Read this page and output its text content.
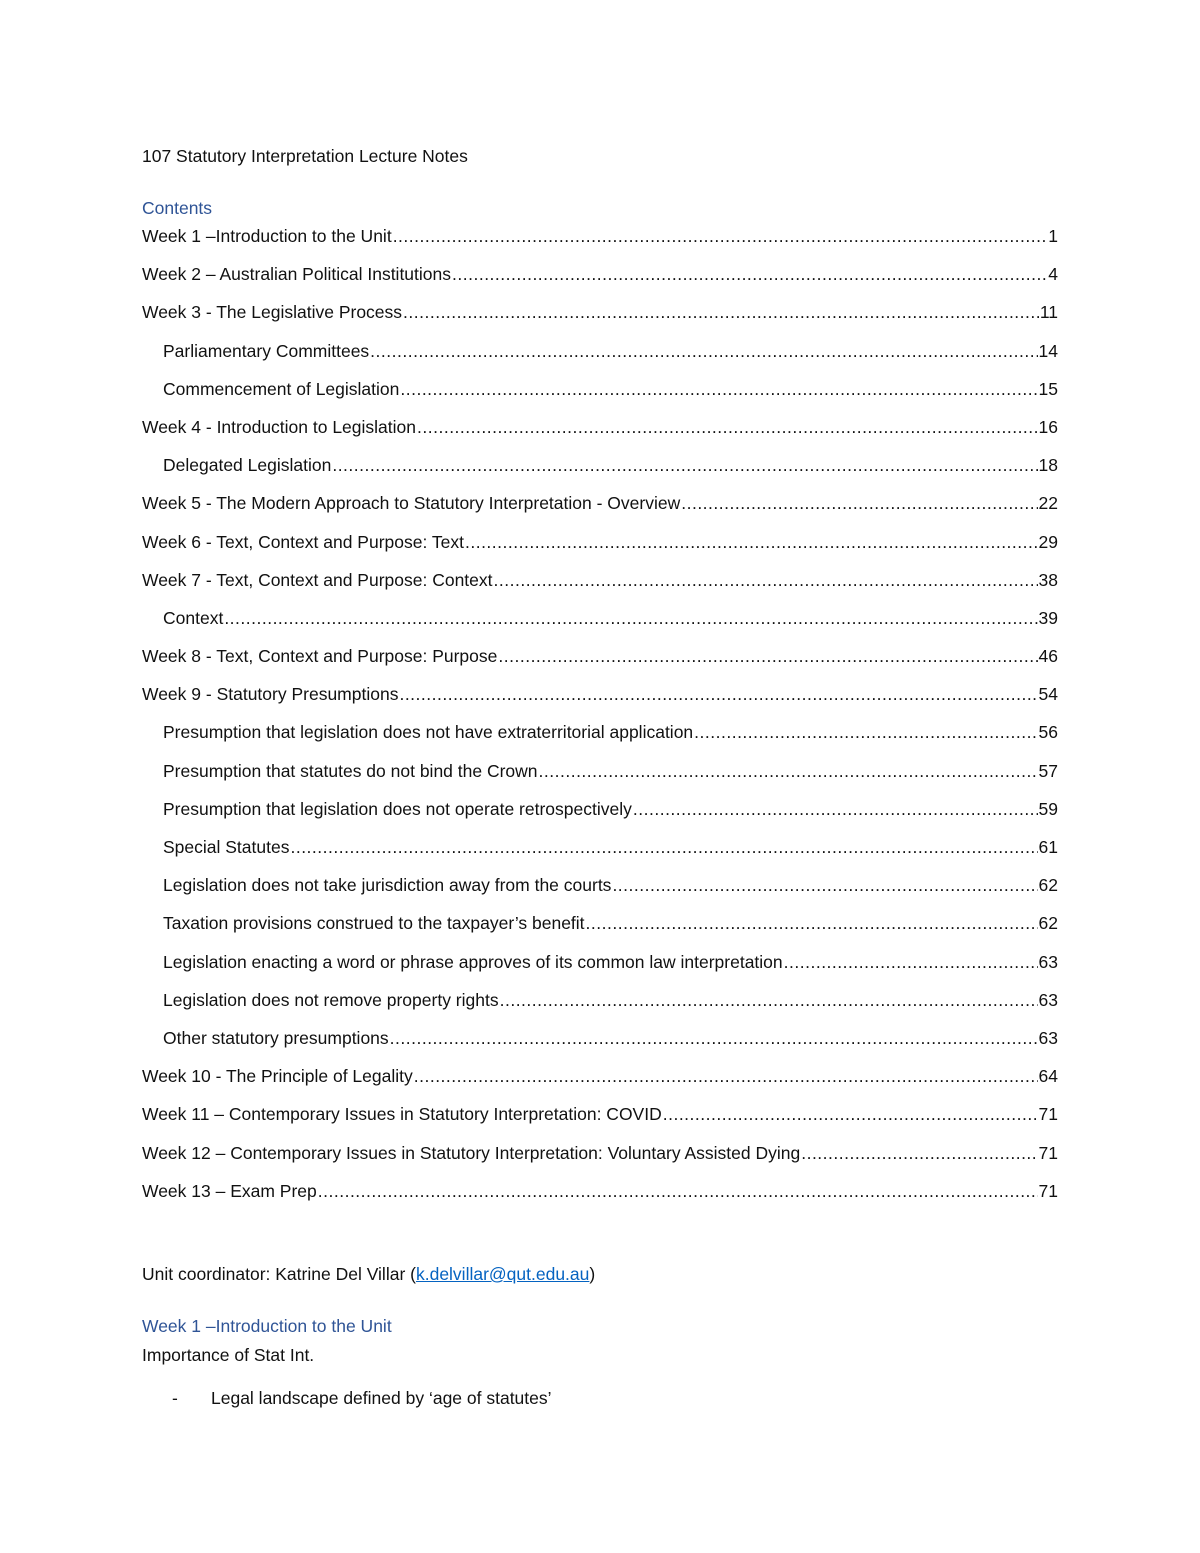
107 Statutory Interpretation Lecture Notes
Contents
Week 1 –Introduction to the Unit .....	1
Week 2 – Australian Political Institutions .....	4
Week 3 - The Legislative Process .....	11
Parliamentary Committees .....	14
Commencement of Legislation .....	15
Week 4 - Introduction to Legislation .....	16
Delegated Legislation .....	18
Week 5 - The Modern Approach to Statutory Interpretation - Overview .....	22
Week 6 - Text, Context and Purpose: Text .....	29
Week 7 - Text, Context and Purpose: Context .....	38
Context .....	39
Week 8 - Text, Context and Purpose: Purpose .....	46
Week 9 - Statutory Presumptions .....	54
Presumption that legislation does not have extraterritorial application .....	56
Presumption that statutes do not bind the Crown .....	57
Presumption that legislation does not operate retrospectively .....	59
Special Statutes .....	61
Legislation does not take jurisdiction away from the courts .....	62
Taxation provisions construed to the taxpayer’s benefit .....	62
Legislation enacting a word or phrase approves of its common law interpretation .....	63
Legislation does not remove property rights .....	63
Other statutory presumptions .....	63
Week 10 - The Principle of Legality .....	64
Week 11 – Contemporary Issues in Statutory Interpretation: COVID .....	71
Week 12 – Contemporary Issues in Statutory Interpretation: Voluntary Assisted Dying .....	71
Week 13 – Exam Prep .....	71
Unit coordinator: Katrine Del Villar (k.delvillar@qut.edu.au)
Week 1 –Introduction to the Unit
Importance of Stat Int.
-	Legal landscape defined by ‘age of statutes’
